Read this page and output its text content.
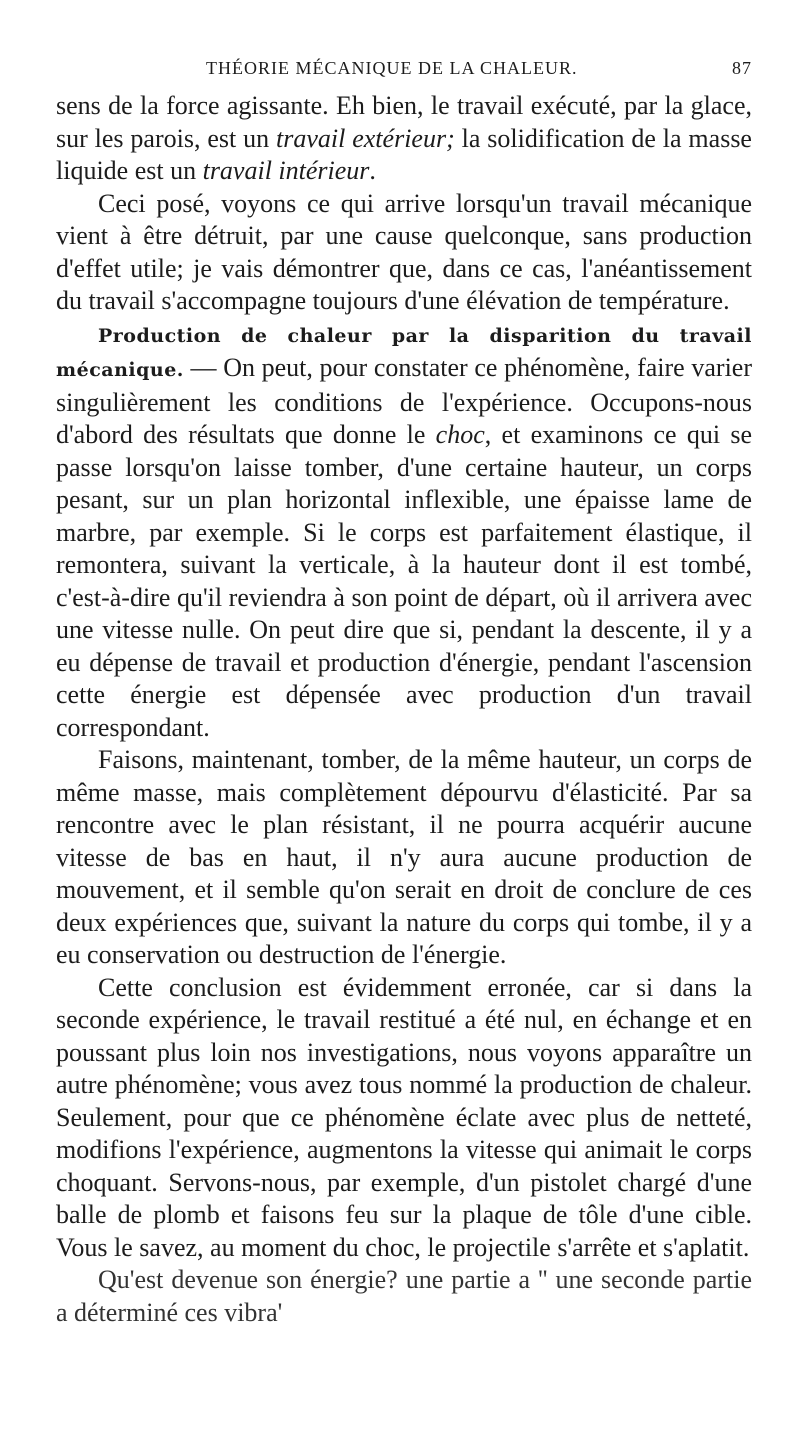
THÉORIE MÉCANIQUE DE LA CHALEUR.	87

sens de la force agissante. Eh bien, le travail exécuté, par la glace, sur les parois, est un travail extérieur; la solidification de la masse liquide est un travail intérieur.

Ceci posé, voyons ce qui arrive lorsqu'un travail mécanique vient à être détruit, par une cause quelconque, sans production d'effet utile; je vais démontrer que, dans ce cas, l'anéantissement du travail s'accompagne toujours d'une élévation de température.

Production de chaleur par la disparition du travail mécanique. — On peut, pour constater ce phénomène, faire varier singulièrement les conditions de l'expérience. Occupons-nous d'abord des résultats que donne le choc, et examinons ce qui se passe lorsqu'on laisse tomber, d'une certaine hauteur, un corps pesant, sur un plan horizontal inflexible, une épaisse lame de marbre, par exemple. Si le corps est parfaitement élastique, il remontera, suivant la verticale, à la hauteur dont il est tombé, c'est-à-dire qu'il reviendra à son point de départ, où il arrivera avec une vitesse nulle. On peut dire que si, pendant la descente, il y a eu dépense de travail et production d'énergie, pendant l'ascension cette énergie est dépensée avec production d'un travail correspondant.

Faisons, maintenant, tomber, de la même hauteur, un corps de même masse, mais complètement dépourvu d'élasticité. Par sa rencontre avec le plan résistant, il ne pourra acquérir aucune vitesse de bas en haut, il n'y aura aucune production de mouvement, et il semble qu'on serait en droit de conclure de ces deux expériences que, suivant la nature du corps qui tombe, il y a eu conservation ou destruction de l'énergie.

Cette conclusion est évidemment erronée, car si dans la seconde expérience, le travail restitué a été nul, en échange et en poussant plus loin nos investigations, nous voyons apparaître un autre phénomène; vous avez tous nommé la production de chaleur. Seulement, pour que ce phénomène éclate avec plus de netteté, modifions l'expérience, augmentons la vitesse qui animait le corps choquant. Servons-nous, par exemple, d'un pistolet chargé d'une balle de plomb et faisons feu sur la plaque de tôle d'une cible. Vous le savez, au moment du choc, le projectile s'arrête et s'aplatit.

Qu'est devenue son énergie? une partie a '' une seconde partie a déterminé ces vibra'
